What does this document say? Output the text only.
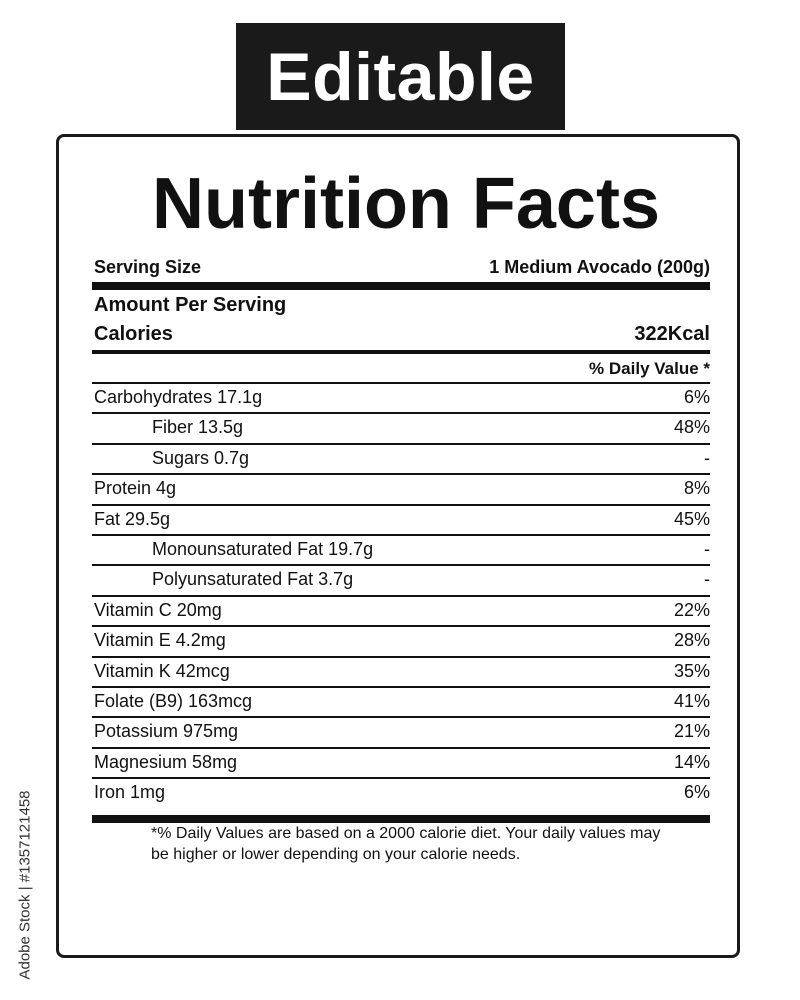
Editable
Nutrition Facts
Serving Size	1 Medium Avocado (200g)
Amount Per Serving
Calories	322Kcal
% Daily Value *
Carbohydrates 17.1g	6%
Fiber 13.5g	48%
Sugars 0.7g	-
Protein 4g	8%
Fat 29.5g	45%
Monounsaturated Fat 19.7g	-
Polyunsaturated Fat 3.7g	-
Vitamin C 20mg	22%
Vitamin E 4.2mg	28%
Vitamin K 42mcg	35%
Folate (B9) 163mcg	41%
Potassium 975mg	21%
Magnesium 58mg	14%
Iron 1mg	6%
*% Daily Values are based on a 2000 calorie diet. Your daily values may
be higher or lower depending on your calorie needs.
Adobe Stock | #1357121458
